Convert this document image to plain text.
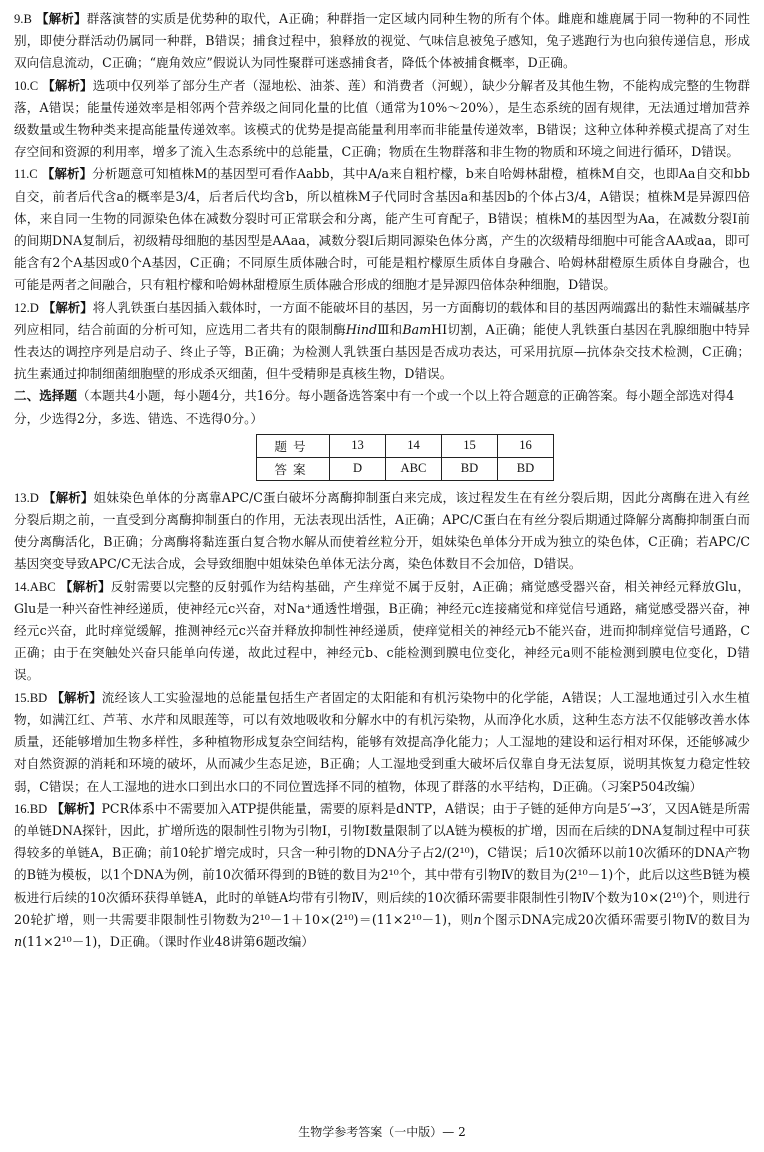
9.B 【解析】群落演替的实质是优势种的取代，A正确；种群指一定区域内同种生物的所有个体。雌鹿和雄鹿属于同一物种的不同性别，即使分群活动仍属同一种群，B错误；捕食过程中，狼释放的视觉、气味信息被兔子感知，兔子逃跑行为也向狼传递信息，形成双向信息流动，C正确；“鹿角效应”假说认为同性聚群可迷惑捕食者，降低个体被捕食概率，D正确。

10.C 【解析】选项中仅列举了部分生产者（湿地松、油茶、莲）和消费者（河蚬），缺少分解者及其他生物，不能构成完整的生物群落，A错误；能量传递效率是相邻两个营养级之间同化量的比值（通常为10%～20%），是生态系统的固有规律，无法通过增加营养级数量或生物种类来提高能量传递效率。该模式的优势是提高能量利用率而非能量传递效率，B错误；这种立体种养模式提高了对生存空间和资源的利用率，增多了流入生态系统中的总能量，C正确；物质在生物群落和非生物的物质和环境之间进行循环，D错误。

11.C 【解析】分析题意可知植株M的基因型可看作Aabb，其中A/a来自粗柠檬，b来自哈姆林甜橙，植株M自交，也即Aa自交和bb自交，前者后代含a的概率是3/4，后者后代均含b，所以植株M子代同时含基因a和基因b的个体占3/4，A错误；植株M是异源四倍体，来自同一生物的同源染色体在减数分裂时可正常联会和分离，能产生可育配子，B错误；植株M的基因型为Aa，在减数分裂Ⅰ前的间期DNA复制后，初级精母细胞的基因型是AAaa，减数分裂Ⅰ后期同源染色体分离，产生的次级精母细胞中可能含AA或aa，即可能含有2个A基因或0个A基因，C正确；不同原生质体融合时，可能是粗柠檬原生质体自身融合、哈姆林甜橙原生质体自身融合，也可能是两者之间融合，只有粗柠檬和哈姆林甜橙原生质体融合形成的细胞才是异源四倍体杂种细胞，D错误。

12.D 【解析】将人乳铁蛋白基因插入载体时，一方面不能破坏目的基因，另一方面酶切的载体和目的基因两端露出的黏性末端碱基序列应相同，结合前面的分析可知，应选用二者共有的限制酶HindⅢ和BamHⅠ切割，A正确；能使人乳铁蛋白基因在乳腺细胞中特异性表达的调控序列是启动子、终止子等，B正确；为检测人乳铁蛋白基因是否成功表达，可采用抗原—抗体杂交技术检测，C正确；抗生素通过抑制细菌细胞壁的形成杀灭细菌，但牛受精卵是真核生物，D错误。

二、选择题（本题共4小题，每小题4分，共16分。每小题备选答案中有一个或一个以上符合题意的正确答案。每小题全部选对得4分，少选得2分，多选、错选、不选得0分。）

题号	13	14	15	16
答案	D	ABC	BD	BD

13.D 【解析】姐妹染色单体的分离靠APC/C蛋白破坏分离酶抑制蛋白来完成，该过程发生在有丝分裂后期，因此分离酶在进入有丝分裂后期之前，一直受到分离酶抑制蛋白的作用，无法表现出活性，A正确；APC/C蛋白在有丝分裂后期通过降解分离酶抑制蛋白而使分离酶活化，B正确；分离酶将黏连蛋白复合物水解从而使着丝粒分开，姐妹染色单体分开成为独立的染色体，C正确；若APC/C基因突变导致APC/C无法合成，会导致细胞中姐妹染色单体无法分离，染色体数目不会加倍，D错误。

14.ABC 【解析】反射需要以完整的反射弧作为结构基础，产生痒觉不属于反射，A正确；痛觉感受器兴奋，相关神经元释放Glu，Glu是一种兴奋性神经递质，使神经元c兴奋，对Na⁺通透性增强，B正确；神经元c连接痛觉和痒觉信号通路，痛觉感受器兴奋，神经元c兴奋，此时痒觉缓解，推测神经元c兴奋并释放抑制性神经递质，使痒觉相关的神经元b不能兴奋，进而抑制痒觉信号通路，C正确；由于在突触处兴奋只能单向传递，故此过程中，神经元b、c能检测到膜电位变化，神经元a则不能检测到膜电位变化，D错误。

15.BD 【解析】流经该人工实验湿地的总能量包括生产者固定的太阳能和有机污染物中的化学能，A错误；人工湿地通过引入水生植物，如满江红、芦苇、水芹和凤眼莲等，可以有效地吸收和分解水中的有机污染物，从而净化水质，这种生态方法不仅能够改善水体质量，还能够增加生物多样性，多种植物形成复杂空间结构，能够有效提高净化能力；人工湿地的建设和运行相对环保，还能够减少对自然资源的消耗和环境的破坏，从而减少生态足迹，B正确；人工湿地受到重大破坏后仅靠自身无法复原，说明其恢复力稳定性较弱，C错误；在人工湿地的进水口到出水口的不同位置选择不同的植物，体现了群落的水平结构，D正确。（习案P504改编）

16.BD 【解析】PCR体系中不需要加入ATP提供能量，需要的原料是dNTP，A错误；由于子链的延伸方向是5′→3′，又因A链是所需的单链DNA探针，因此，扩增所选的限制性引物为引物Ⅰ，引物Ⅰ数量限制了以A链为模板的扩增，因而在后续的DNA复制过程中可获得较多的单链A，B正确；前10轮扩增完成时，只含一种引物的DNA分子占2/(2¹⁰)，C错误；后10次循环以前10次循环的DNA产物的B链为模板，以1个DNA为例，前10次循环得到的B链的数目为2¹⁰个，其中带有引物Ⅳ的数目为(2¹⁰－1)个，此后以这些B链为模板进行后续的10次循环获得单链A，此时的单链A均带有引物Ⅳ，则后续的10次循环需要非限制性引物Ⅳ个数为10×(2¹⁰)个，则进行20轮扩增，则一共需要非限制性引物数为2¹⁰－1＋10×(2¹⁰)＝(11×2¹⁰－1)，则n个图示DNA完成20次循环需要引物Ⅳ的数目为n(11×2¹⁰－1)，D正确。（课时作业48讲第6题改编）

生物学参考答案（一中版）— 2
